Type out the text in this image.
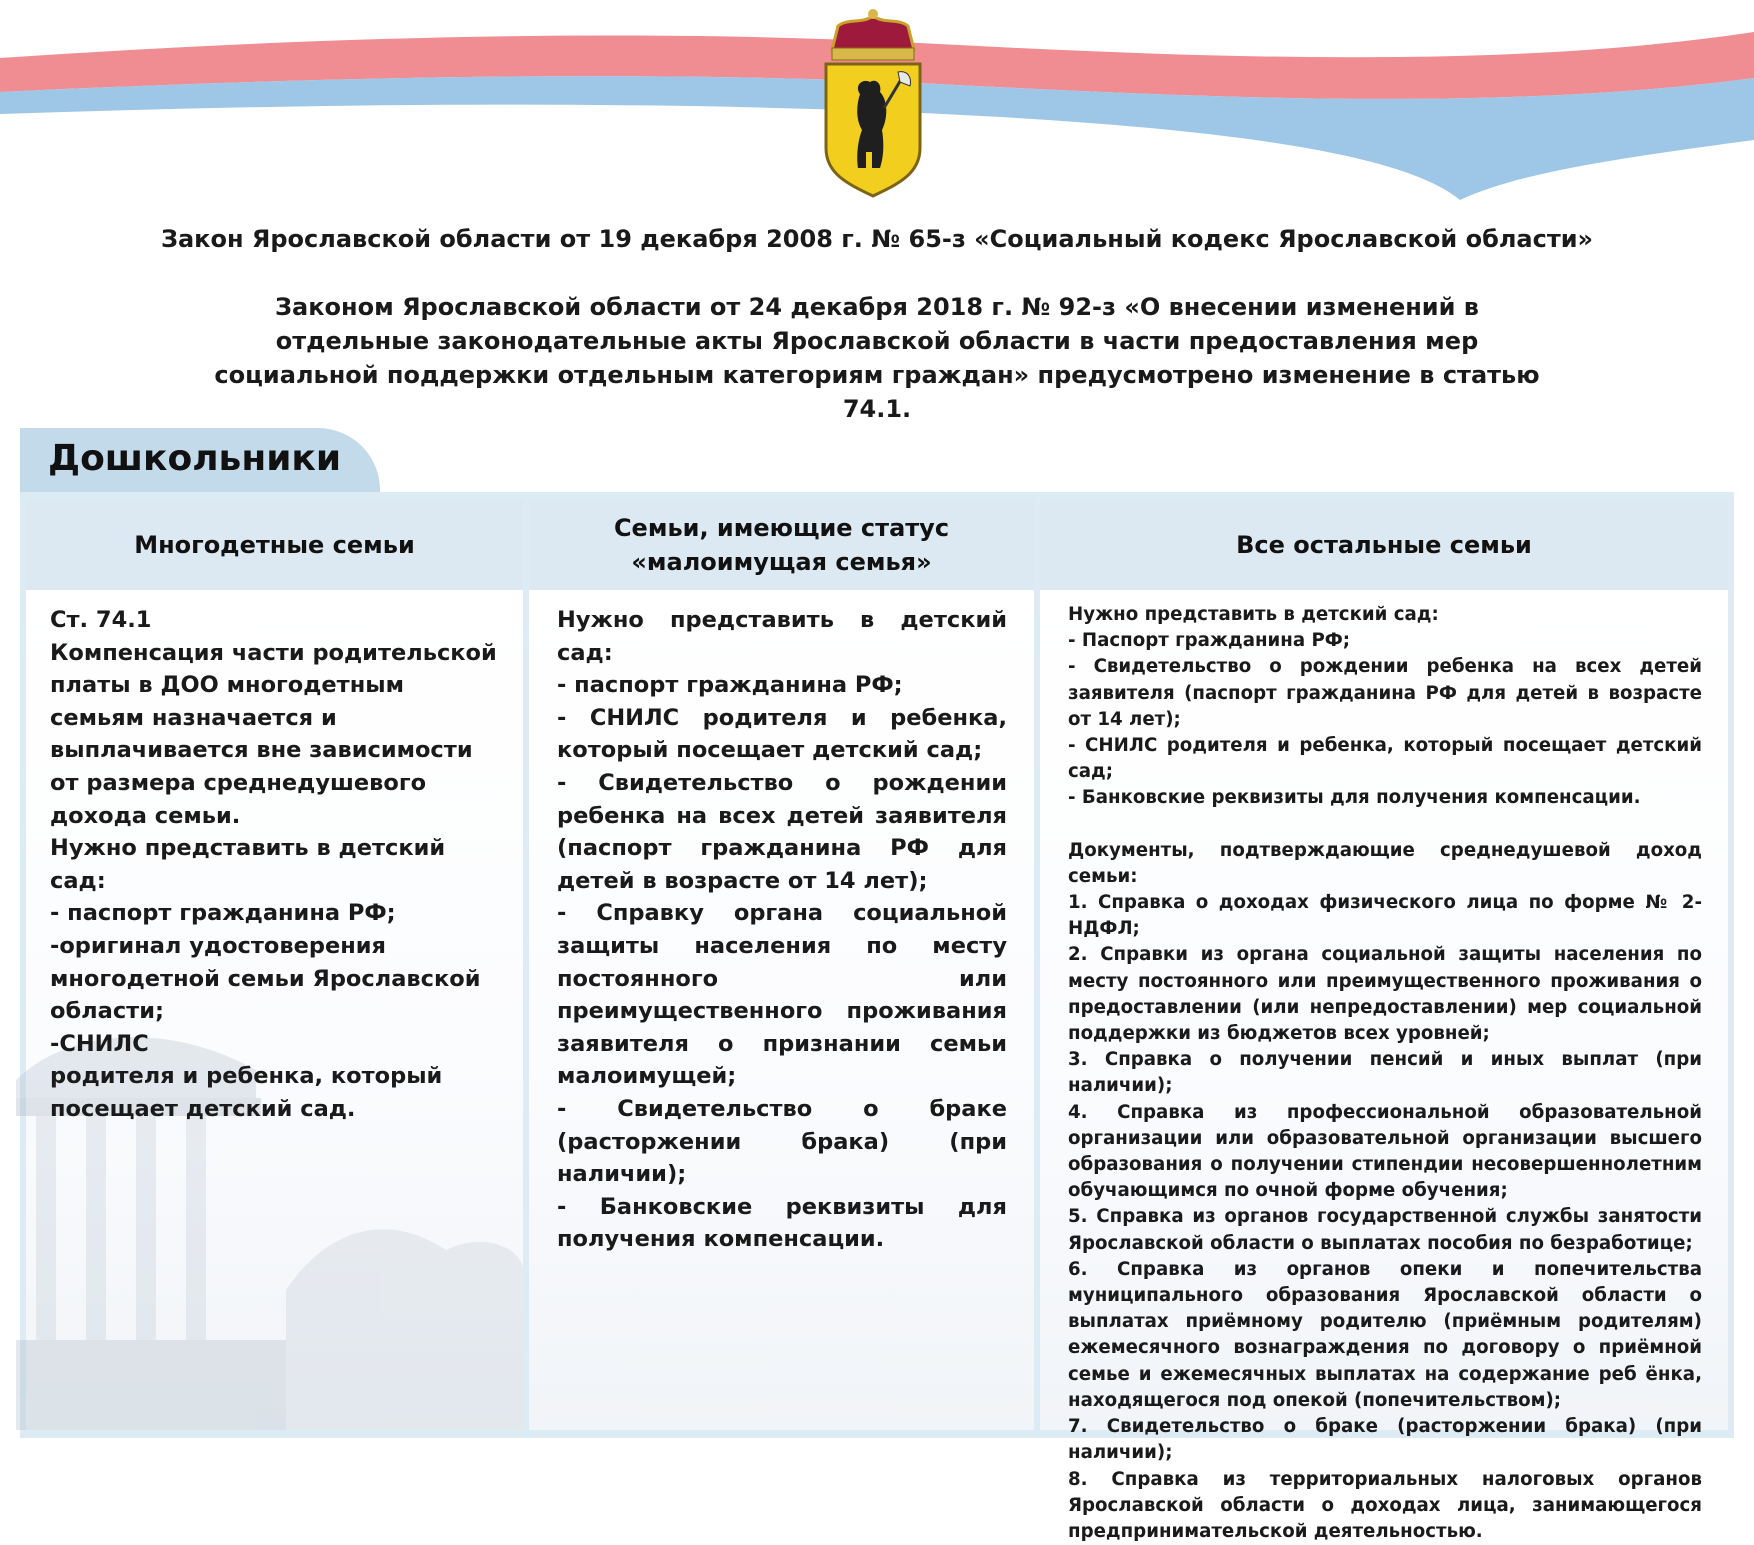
Закон Ярославской области от 19 декабря 2008 г. № 65-з «Социальный кодекс Ярославской области»

Законом Ярославской области от 24 декабря 2018 г. № 92-з «О внесении изменений в отдельные законодательные акты Ярославской области в части предоставления мер социальной поддержки отдельным категориям граждан» предусмотрено изменение в статью 74.1.

Дошкольники
Многодетные семьи
Ст. 74.1
Компенсация части родительской платы в ДОО многодетным семьям назначается и выплачивается вне зависимости от размера среднедушевого дохода семьи.
Нужно представить в детский сад:
- паспорт гражданина РФ;
-оригинал удостоверения многодетной семьи Ярославской области;
-СНИЛС
родителя и ребенка, который посещает детский сад.
Семьи, имеющие статус «малоимущая семья»
Нужно представить в детский сад:
- паспорт гражданина РФ;
- СНИЛС родителя и ребенка, который посещает детский сад;
- Свидетельство о рождении ребенка на всех детей заявителя (паспорт гражданина РФ для детей в возрасте от 14 лет);
- Справку органа социальной защиты населения по месту постоянного или преимущественного проживания заявителя о признании семьи малоимущей;
- Свидетельство о браке (расторжении брака) (при наличии);
- Банковские реквизиты для получения компенсации.
Все остальные семьи
Нужно представить в детский сад:
- Паспорт гражданина РФ;
- Свидетельство о рождении ребенка на всех детей заявителя (паспорт гражданина РФ для детей в возрасте от 14 лет);
- СНИЛС родителя и ребенка, который посещает детский сад;
- Банковские реквизиты для получения компенсации.
Документы, подтверждающие среднедушевой доход семьи:
1. Справка о доходах физического лица по форме № 2-НДФЛ;
2. Справки из органа социальной защиты населения по месту постоянного или преимущественного проживания о предоставлении (или непредоставлении) мер социальной поддержки из бюджетов всех уровней;
3. Справка о получении пенсий и иных выплат (при наличии);
4. Справка из профессиональной образовательной организации или образовательной организации высшего образования о получении стипендии несовершеннолетним обучающимся по очной форме обучения;
5. Справка из органов государственной службы занятости Ярославской области о выплатах пособия по безработице;
6. Справка из органов опеки и попечительства муниципального образования Ярославской области о выплатах приёмному родителю (приёмным родителям) ежемесячного вознаграждения по договору о приёмной семье и ежемесячных выплатах на содержание реб ёнка, находящегося под опекой (попечительством);
7. Свидетельство о браке (расторжении брака) (при наличии);
8. Справка из территориальных налоговых органов Ярославской области о доходах лица, занимающегося предпринимательской деятельностью.
